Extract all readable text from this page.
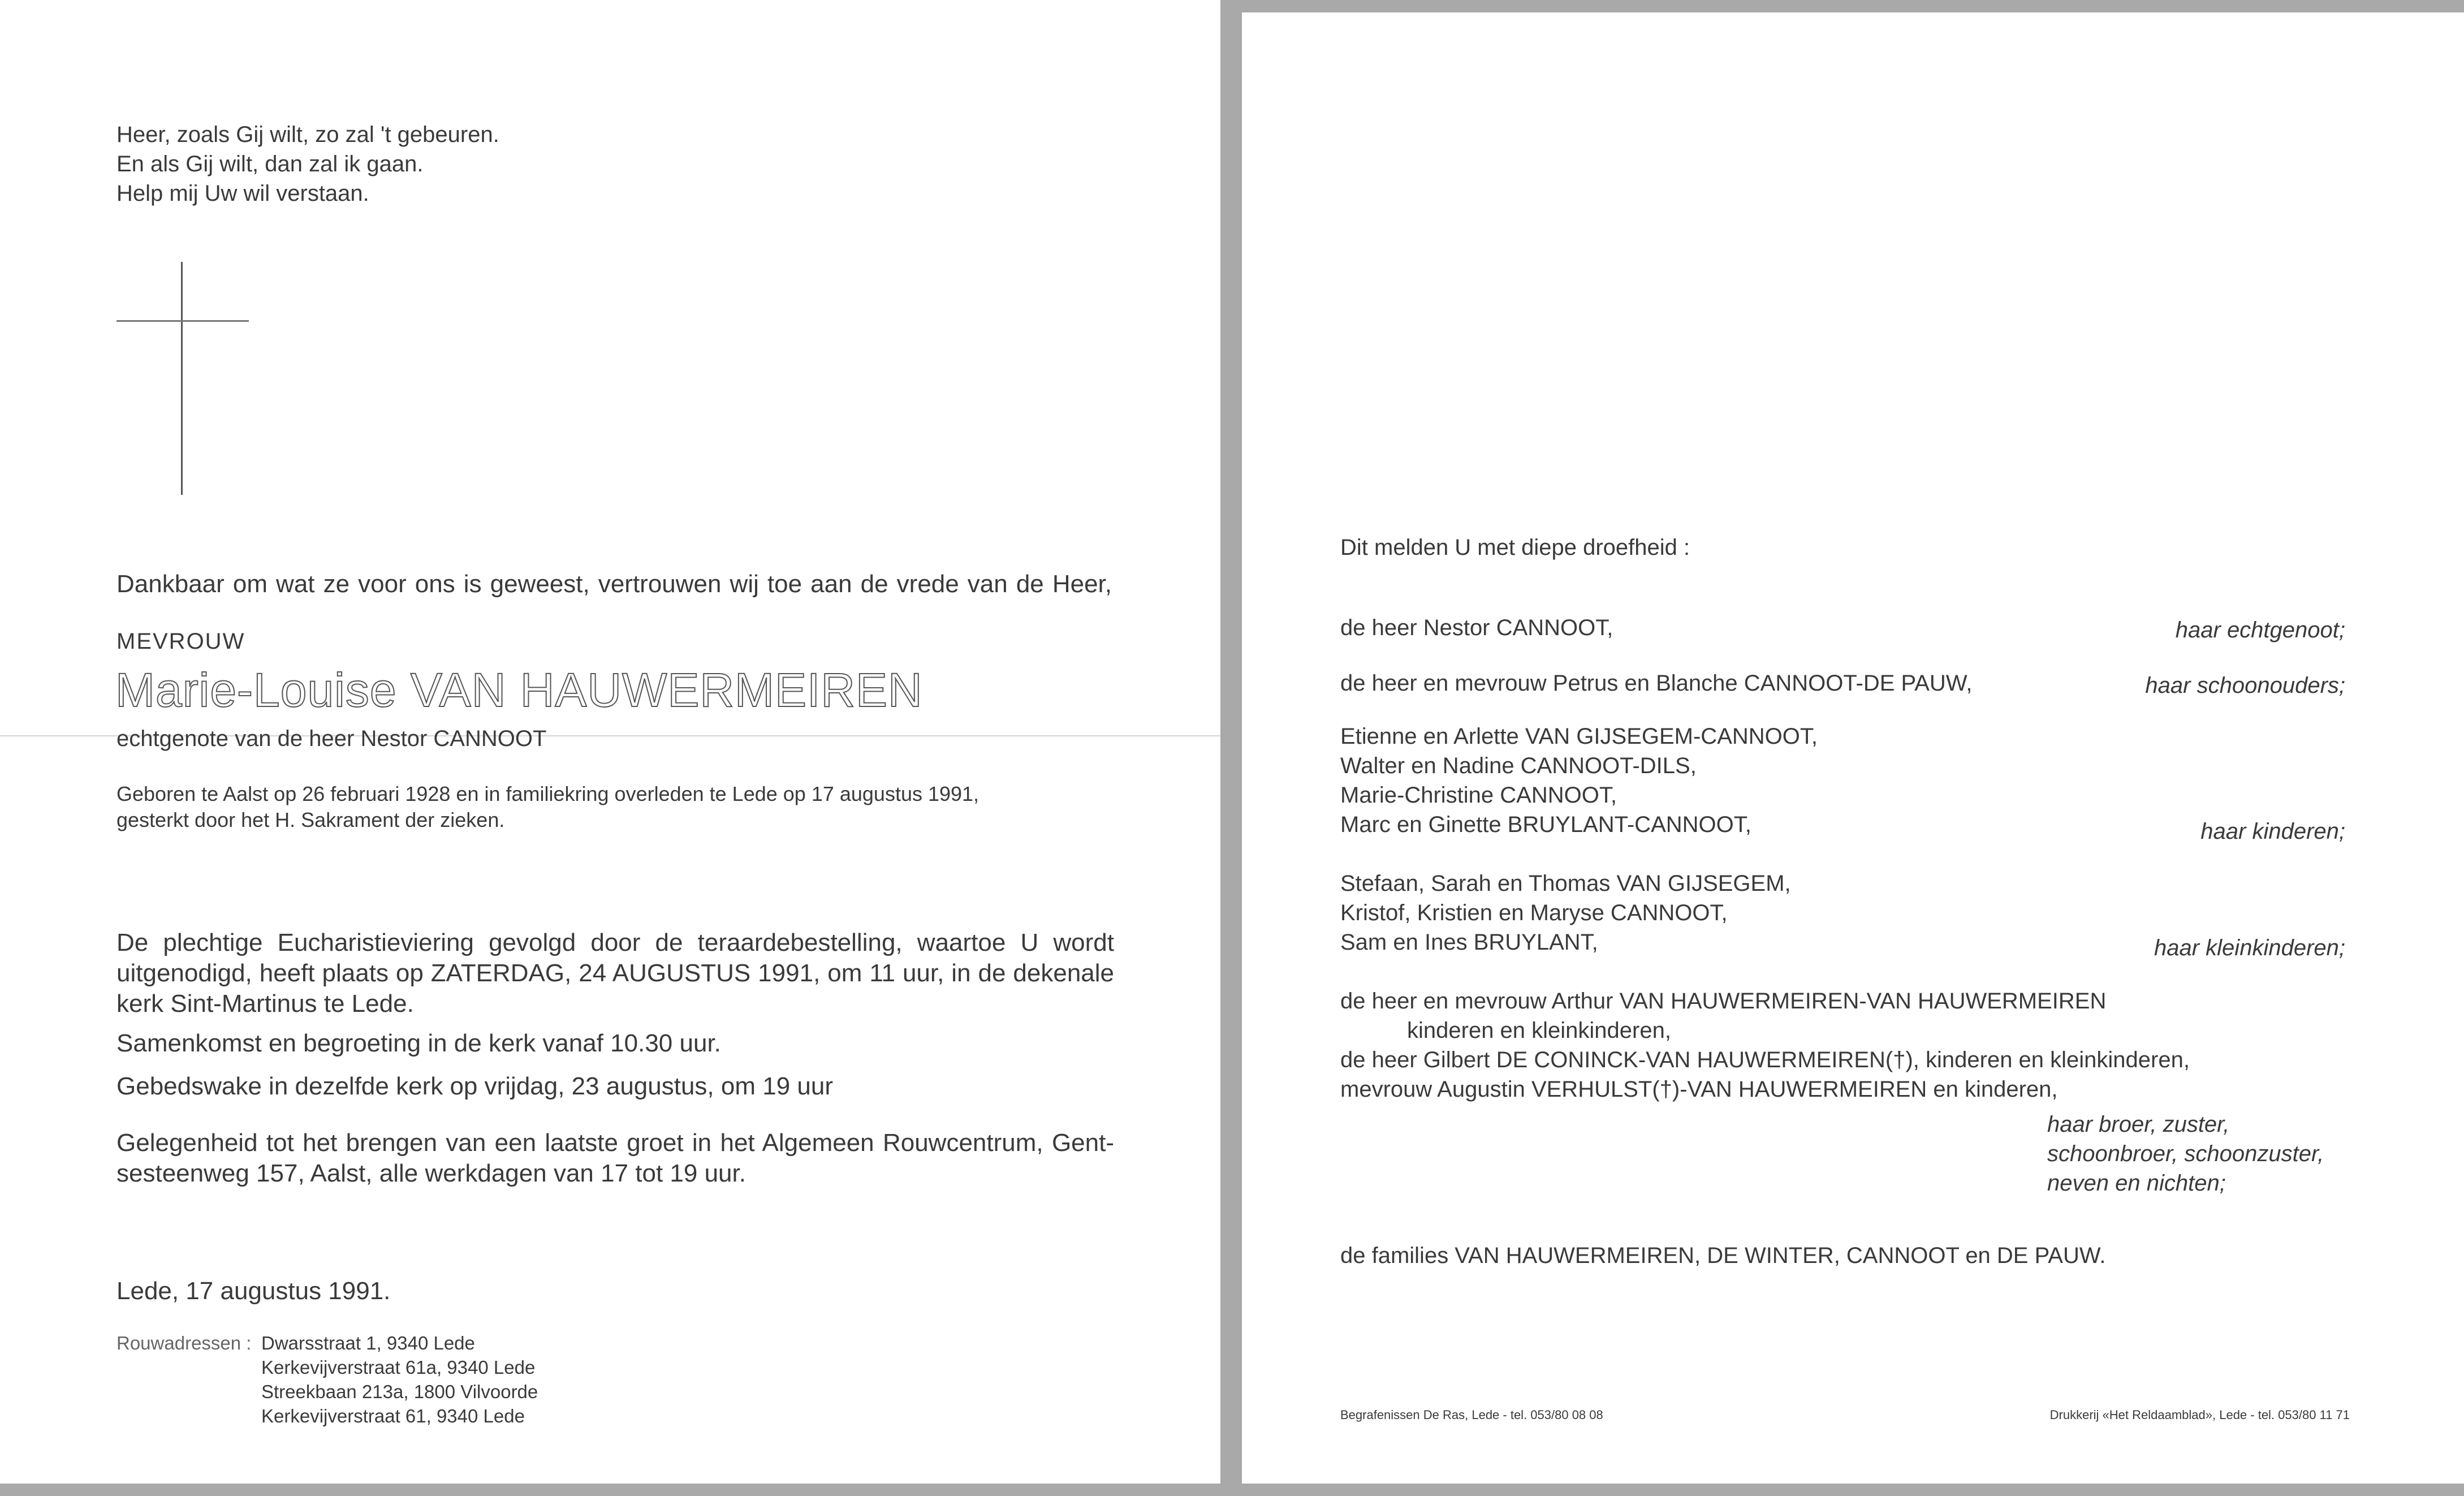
Heer, zoals Gij wilt, zo zal 't gebeuren.
En als Gij wilt, dan zal ik gaan.
Help mij Uw wil verstaan.
Dankbaar om wat ze voor ons is geweest, vertrouwen wij toe aan de vrede van de Heer,
MEVROUW
Marie-Louise VAN HAUWERMEIREN
echtgenote van de heer Nestor CANNOOT
Geboren te Aalst op 26 februari 1928 en in familiekring overleden te Lede op 17 augustus 1991,
gesterkt door het H. Sakrament der zieken.
De plechtige Eucharistieviering gevolgd door de teraardebestelling, waartoe U wordt
uitgenodigd, heeft plaats op ZATERDAG, 24 AUGUSTUS 1991, om 11 uur, in de dekenale
kerk Sint-Martinus te Lede.
Samenkomst en begroeting in de kerk vanaf 10.30 uur.
Gebedswake in dezelfde kerk op vrijdag, 23 augustus, om 19 uur
Gelegenheid tot het brengen van een laatste groet in het Algemeen Rouwcentrum, Gent-
sesteenweg 157, Aalst, alle werkdagen van 17 tot 19 uur.
Lede, 17 augustus 1991.
Rouwadressen : Dwarsstraat 1, 9340 Lede
Kerkevijverstraat 61a, 9340 Lede
Streekbaan 213a, 1800 Vilvoorde
Kerkevijverstraat 61, 9340 Lede
Dit melden U met diepe droefheid :
de heer Nestor CANNOOT,	haar echtgenoot;
de heer en mevrouw Petrus en Blanche CANNOOT-DE PAUW,	haar schoonouders;
Etienne en Arlette VAN GIJSEGEM-CANNOOT,
Walter en Nadine CANNOOT-DILS,
Marie-Christine CANNOOT,
Marc en Ginette BRUYLANT-CANNOOT,	haar kinderen;
Stefaan, Sarah en Thomas VAN GIJSEGEM,
Kristof, Kristien en Maryse CANNOOT,
Sam en Ines BRUYLANT,	haar kleinkinderen;
de heer en mevrouw Arthur VAN HAUWERMEIREN-VAN HAUWERMEIREN
kinderen en kleinkinderen,
de heer Gilbert DE CONINCK-VAN HAUWERMEIREN(†), kinderen en kleinkinderen,
mevrouw Augustin VERHULST(†)-VAN HAUWERMEIREN en kinderen,
haar broer, zuster,
schoonbroer, schoonzuster,
neven en nichten;
de families VAN HAUWERMEIREN, DE WINTER, CANNOOT en DE PAUW.
Begrafenissen De Ras, Lede - tel. 053/80 08 08	Drukkerij «Het Reldaamblad», Lede - tel. 053/80 11 71
